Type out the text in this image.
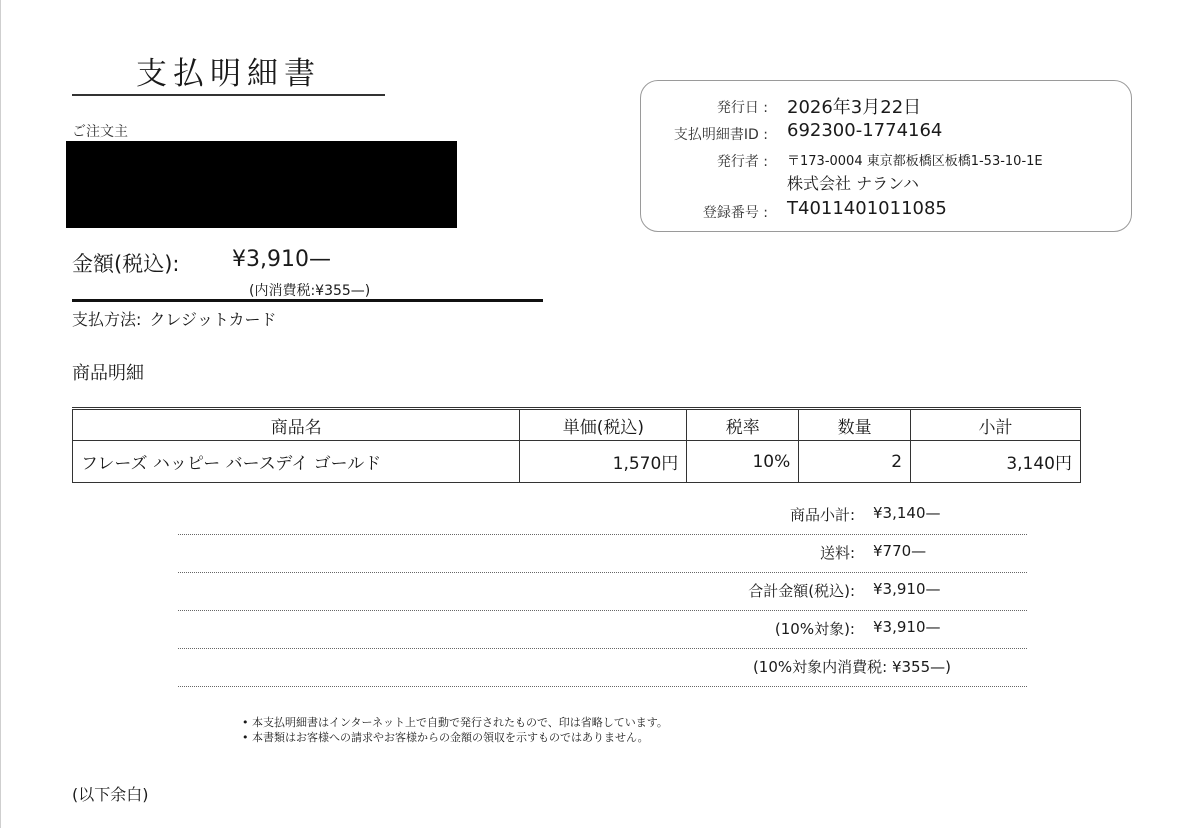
支払明細書
ご注文主
金額(税込): ¥3,910—
(内消費税:¥355—)
支払方法: クレジットカード
発行日 : 2026年3月22日
支払明細書ID : 692300-1774164
発行者 : 〒173-0004 東京都板橋区板橋1-53-10-1E
株式会社 ナランハ
登録番号 : T4011401011085
商品明細
商品名	単価(税込)	税率	数量	小計
フレーズ ハッピー バースデイ ゴールド	1,570円	10%	2	3,140円
商品小計: ¥3,140—
送料: ¥770—
合計金額(税込): ¥3,910—
(10%対象): ¥3,910—
(10%対象内消費税: ¥355—)
• 本支払明細書はインターネット上で自動で発行されたもので、印は省略しています。
• 本書類はお客様への請求やお客様からの金額の領収を示すものではありません。
(以下余白)
